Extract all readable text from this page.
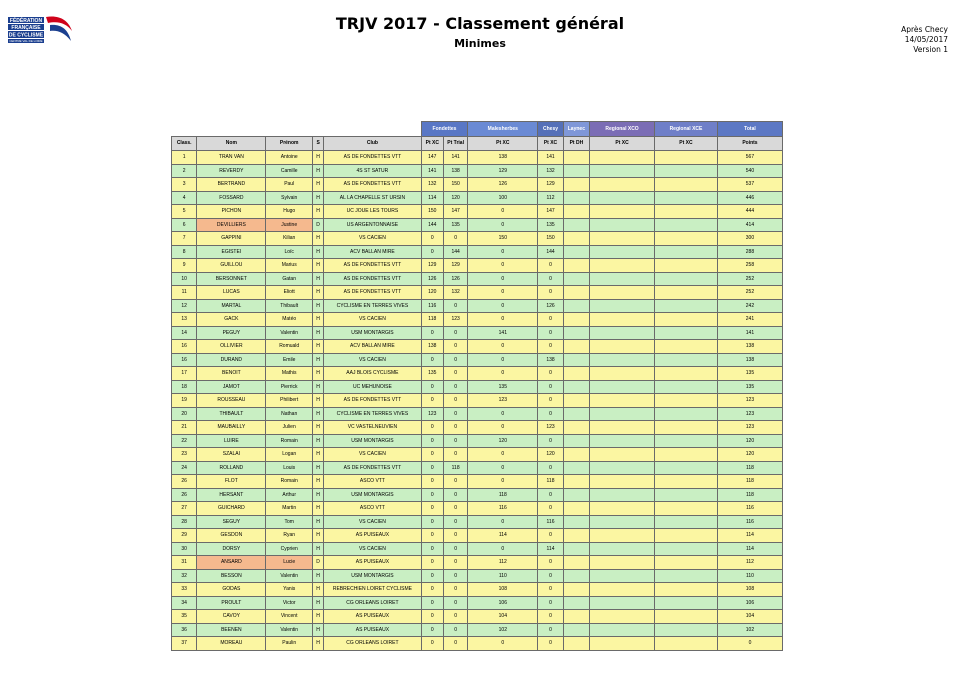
FÉDÉRATION
FRANÇAISE
DE CYCLISME
CENTRE VAL DE LOIRE
TRJV 2017 - Classement général
Minimes
Après Checy
14/05/2017
Version 1
					Fondettes		Malesherbes	Chesy	Laynec	Regional XCO	Regional XCE	Total
Class.	Nom	Prénom	S	Club	Pt XC	Pt Trial	Pt XC	Pt XC	Pt DH	Pt XC	Pt XC	Points
1	TRAN VAN	Antoine	H	AS DE FONDETTES VTT	147	141	138	141				567
2	REVERDY	Camille	H	4S ST SATUR	141	138	129	132				540
3	BERTRAND	Paul	H	AS DE FONDETTES VTT	132	150	126	129				537
4	FOSSARD	Sylvain	H	AL LA CHAPELLE ST URSIN	114	120	100	112				446
5	PICHON	Hugo	H	UC JOUE LES TOURS	150	147	0	147				444
6	DEVILLIERS	Justine	D	US ARGENTONNAISE	144	135	0	135				414
7	GAPPINI	Kilian	H	VS CACIEN	0	0	150	150				300
8	EGISTEI	Loïc	H	ACV BALLAN MIRE	0	144	0	144				288
9	GUILLOU	Marius	H	AS DE FONDETTES VTT	129	129	0	0				258
10	BERSONNET	Gatan	H	AS DE FONDETTES VTT	126	126	0	0				252
11	LUCAS	Eliott	H	AS DE FONDETTES VTT	120	132	0	0				252
12	MARTAL	Thibault	H	CYCLISME EN TERRES VIVES	116	0	0	126				242
13	GACK	Matéo	H	VS CACIEN	118	123	0	0				241
14	PEGUY	Valentin	H	USM MONTARGIS	0	0	141	0				141
16	OLLIVIER	Romuald	H	ACV BALLAN MIRE	138	0	0	0				138
16	DURAND	Emile	H	VS CACIEN	0	0	0	138				138
17	BENOIT	Mathis	H	AAJ BLOIS CYCLISME	135	0	0	0				135
18	JAMOT	Pierrick	H	UC MEHUNOISE	0	0	135	0				135
19	ROUSSEAU	Philibert	H	AS DE FONDETTES VTT	0	0	123	0				123
20	THIBAULT	Nathan	H	CYCLISME EN TERRES VIVES	123	0	0	0				123
21	MAUBAILLY	Julien	H	VC VASTELNEUVIEN	0	0	0	123				123
22	LUIRE	Romain	H	USM MONTARGIS	0	0	120	0				120
23	SZALAI	Logan	H	VS CACIEN	0	0	0	120				120
24	ROLLAND	Louis	H	AS DE FONDETTES VTT	0	118	0	0				118
26	FLOT	Romain	H	ASCO VTT	0	0	0	118				118
26	HERSANT	Arthur	H	USM MONTARGIS	0	0	118	0				118
27	GUICHARD	Martin	H	ASCO VTT	0	0	116	0				116
28	SEGUY	Tom	H	VS CACIEN	0	0	0	116				116
29	GESDON	Ryan	H	AS PUISEAUX	0	0	114	0				114
30	DORSY	Cyprien	H	VS CACIEN	0	0	0	114				114
31	ANSARD	Lucie	D	AS PUISEAUX	0	0	112	0				112
32	BESSON	Valentin	H	USM MONTARGIS	0	0	110	0				110
33	GODAS	Yanis	H	REBRECHIEN LOIRET CYCLISME	0	0	108	0				108
34	PROULT	Victor	H	CG ORLEANS LOIRET	0	0	106	0				106
35	CAVOY	Vincent	H	AS PUISEAUX	0	0	104	0				104
36	BEENEN	Valentin	H	AS PUISEAUX	0	0	102	0				102
37	MOREAU	Paulin	H	CG ORLEANS LOIRET	0	0	0	0				0
